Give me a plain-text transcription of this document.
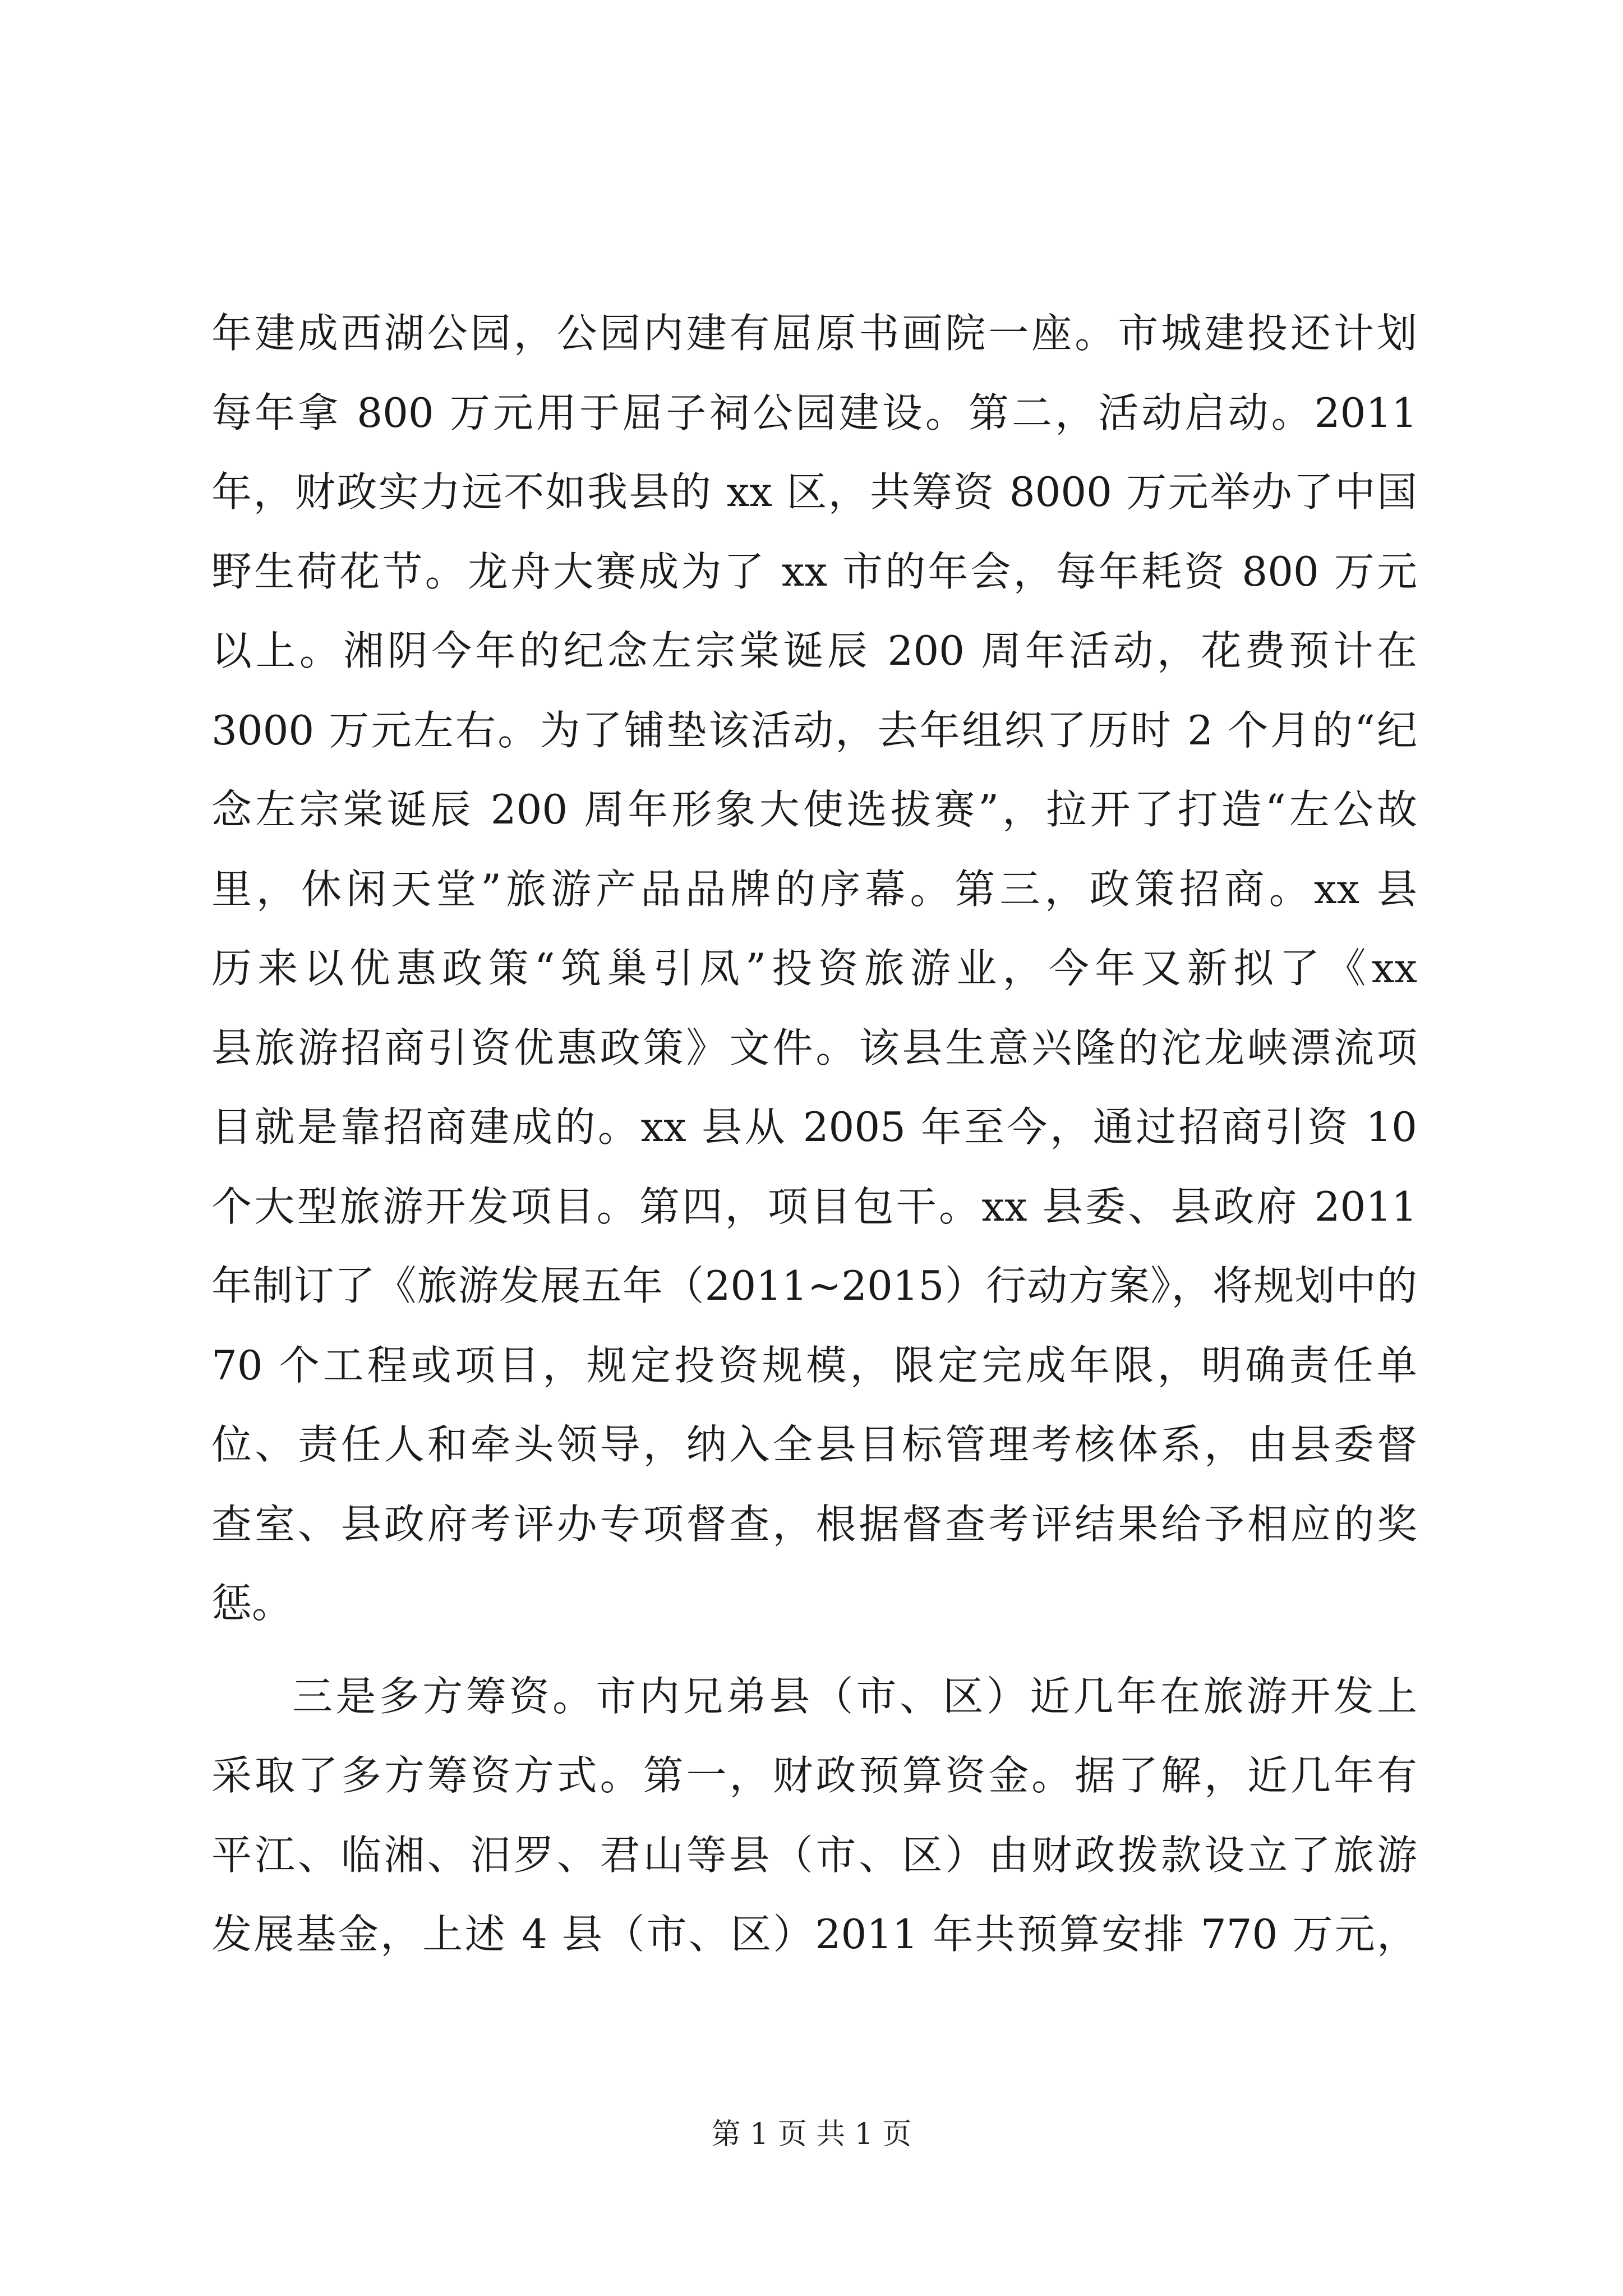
年建成西湖公园，公园内建有屈原书画院一座。市城建投还计划
每年拿 800 万元用于屈子祠公园建设。第二，活动启动。2011
年，财政实力远不如我县的 xx 区，共筹资 8000 万元举办了中国
野生荷花节。龙舟大赛成为了 xx 市的年会，每年耗资 800 万元
以上。湘阴今年的纪念左宗棠诞辰 200 周年活动，花费预计在
3000 万元左右。为了铺垫该活动，去年组织了历时 2 个月的“纪
念左宗棠诞辰 200 周年形象大使选拔赛”，拉开了打造“左公故
里，休闲天堂”旅游产品品牌的序幕。第三，政策招商。xx 县
历来以优惠政策“筑巢引凤”投资旅游业，今年又新拟了《xx
县旅游招商引资优惠政策》文件。该县生意兴隆的沱龙峡漂流项
目就是靠招商建成的。xx 县从 2005 年至今，通过招商引资 10
个大型旅游开发项目。第四，项目包干。xx 县委、县政府 2011
年制订了《旅游发展五年（2011~2015）行动方案》，将规划中的
70 个工程或项目，规定投资规模，限定完成年限，明确责任单
位、责任人和牵头领导，纳入全县目标管理考核体系，由县委督
查室、县政府考评办专项督查，根据督查考评结果给予相应的奖
惩。
三是多方筹资。市内兄弟县（市、区）近几年在旅游开发上
采取了多方筹资方式。第一，财政预算资金。据了解，近几年有
平江、临湘、汨罗、君山等县（市、区）由财政拨款设立了旅游
发展基金，上述 4 县（市、区）2011 年共预算安排 770 万元，
第 1 页 共 1 页
